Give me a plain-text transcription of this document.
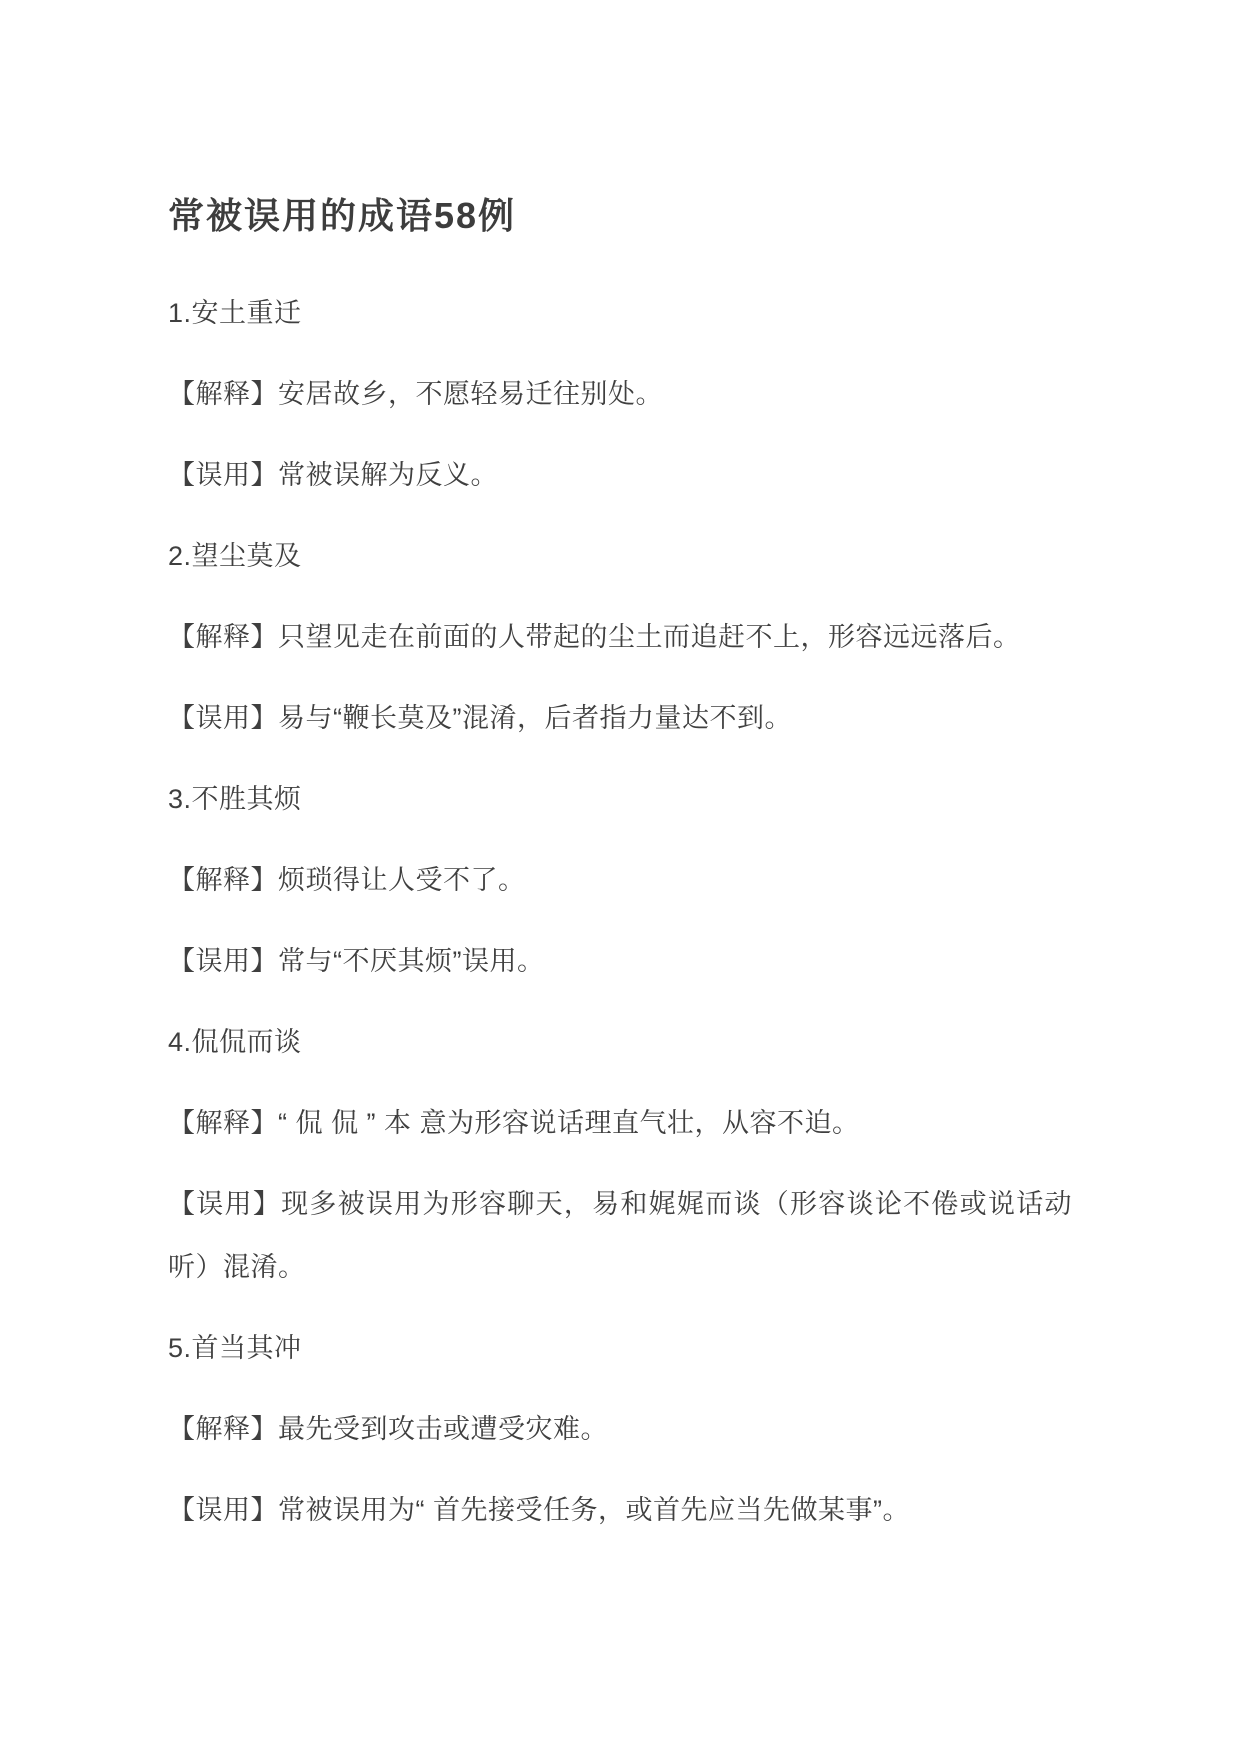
常被误用的成语58例

1.安土重迁

【解释】安居故乡，不愿轻易迁往别处。

【误用】常被误解为反义。

2.望尘莫及

【解释】只望见走在前面的人带起的尘土而追赶不上，形容远远落后。

【误用】易与“鞭长莫及”混淆，后者指力量达不到。

3.不胜其烦

【解释】烦琐得让人受不了。

【误用】常与“不厌其烦”误用。

4.侃侃而谈

【解释】“ 侃 侃 ” 本 意为形容说话理直气壮，从容不迫。

【误用】现多被误用为形容聊天，易和娓娓而谈（形容谈论不倦或说话动听）混淆。

5.首当其冲

【解释】最先受到攻击或遭受灾难。

【误用】常被误用为“ 首先接受任务，或首先应当先做某事”。
